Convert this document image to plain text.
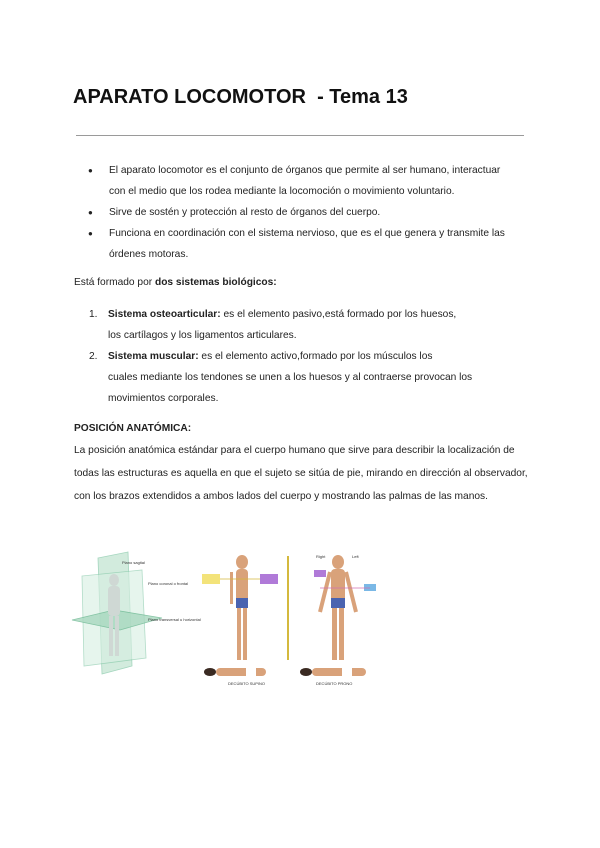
APARATO LOCOMOTOR  - Tema 13
● El aparato locomotor es el conjunto de órganos que permite al ser humano, interactuar
con el medio que los rodea mediante la locomoción o movimiento voluntario.
● Sirve de sostén y protección al resto de órganos del cuerpo.
● Funciona en coordinación con el sistema nervioso, que es el que genera y transmite las
órdenes motoras.
Está formado por dos sistemas biológicos:
1. Sistema osteoarticular: es el elemento pasivo,está formado por los huesos,
los cartílagos y los ligamentos articulares.
2. Sistema muscular: es el elemento activo,formado por los músculos los
cuales mediante los tendones se unen a los huesos y al contraerse provocan los
movimientos corporales.
POSICIÓN ANATÓMICA:
La posición anatómica estándar para el cuerpo humano que sirve para describir la localización de todas las estructuras es aquella en que el sujeto se sitúa de pie, mirando en dirección al observador, con los brazos extendidos a ambos lados del cuerpo y mostrando las palmas de las manos.
Plano sagital
Plano coronal o frontal
Plano transversal u horizontal
Right	Left
DECÚBITO SUPINO	DECÚBITO PRONO
